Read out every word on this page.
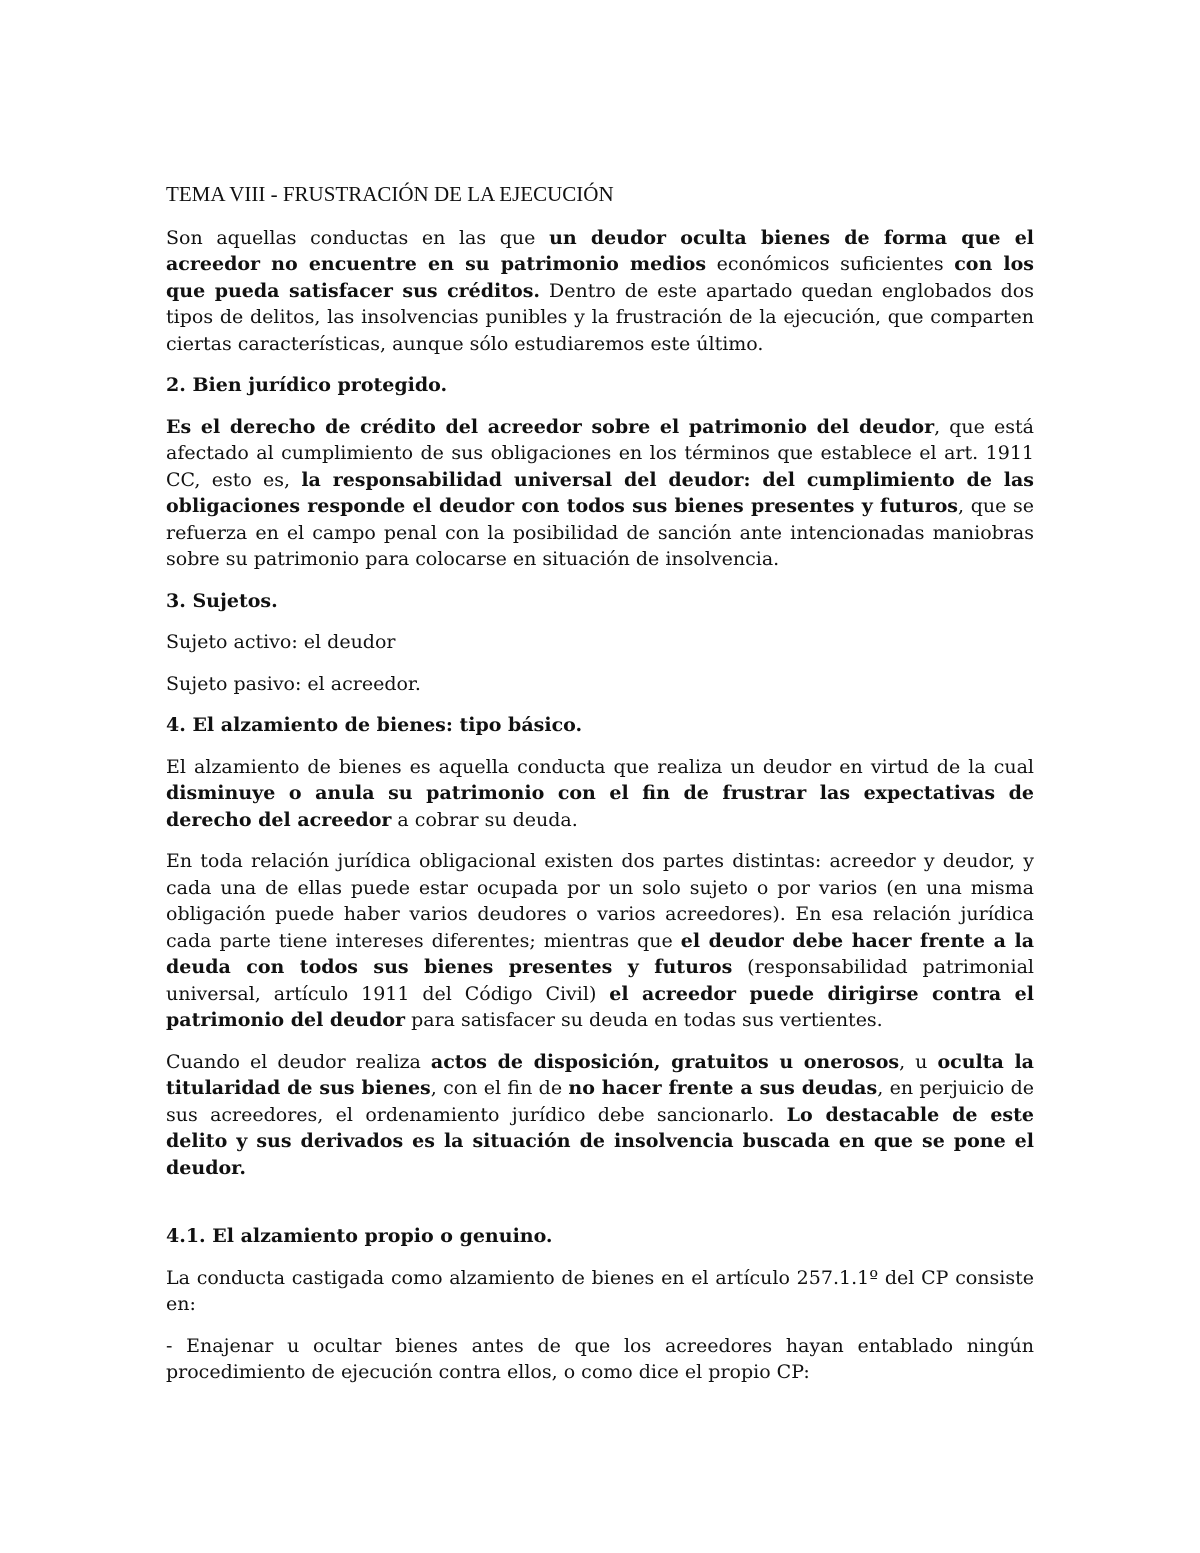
TEMA VIII - FRUSTRACIÓN DE LA EJECUCIÓN

Son aquellas conductas en las que un deudor oculta bienes de forma que el acreedor no encuentre en su patrimonio medios económicos suficientes con los que pueda satisfacer sus créditos. Dentro de este apartado quedan englobados dos tipos de delitos, las insolvencias punibles y la frustración de la ejecución, que comparten ciertas características, aunque sólo estudiaremos este último.

2. Bien jurídico protegido.

Es el derecho de crédito del acreedor sobre el patrimonio del deudor, que está afectado al cumplimiento de sus obligaciones en los términos que establece el art. 1911 CC, esto es, la responsabilidad universal del deudor: del cumplimiento de las obligaciones responde el deudor con todos sus bienes presentes y futuros, que se refuerza en el campo penal con la posibilidad de sanción ante intencionadas maniobras sobre su patrimonio para colocarse en situación de insolvencia.

3. Sujetos.

Sujeto activo: el deudor

Sujeto pasivo: el acreedor.

4. El alzamiento de bienes: tipo básico.

El alzamiento de bienes es aquella conducta que realiza un deudor en virtud de la cual disminuye o anula su patrimonio con el fin de frustrar las expectativas de derecho del acreedor a cobrar su deuda.

En toda relación jurídica obligacional existen dos partes distintas: acreedor y deudor, y cada una de ellas puede estar ocupada por un solo sujeto o por varios (en una misma obligación puede haber varios deudores o varios acreedores). En esa relación jurídica cada parte tiene intereses diferentes; mientras que el deudor debe hacer frente a la deuda con todos sus bienes presentes y futuros (responsabilidad patrimonial universal, artículo 1911 del Código Civil) el acreedor puede dirigirse contra el patrimonio del deudor para satisfacer su deuda en todas sus vertientes.

Cuando el deudor realiza actos de disposición, gratuitos u onerosos, u oculta la titularidad de sus bienes, con el fin de no hacer frente a sus deudas, en perjuicio de sus acreedores, el ordenamiento jurídico debe sancionarlo. Lo destacable de este delito y sus derivados es la situación de insolvencia buscada en que se pone el deudor.

4.1. El alzamiento propio o genuino.

La conducta castigada como alzamiento de bienes en el artículo 257.1.1º del CP consiste en:

- Enajenar u ocultar bienes antes de que los acreedores hayan entablado ningún procedimiento de ejecución contra ellos, o como dice el propio CP:
